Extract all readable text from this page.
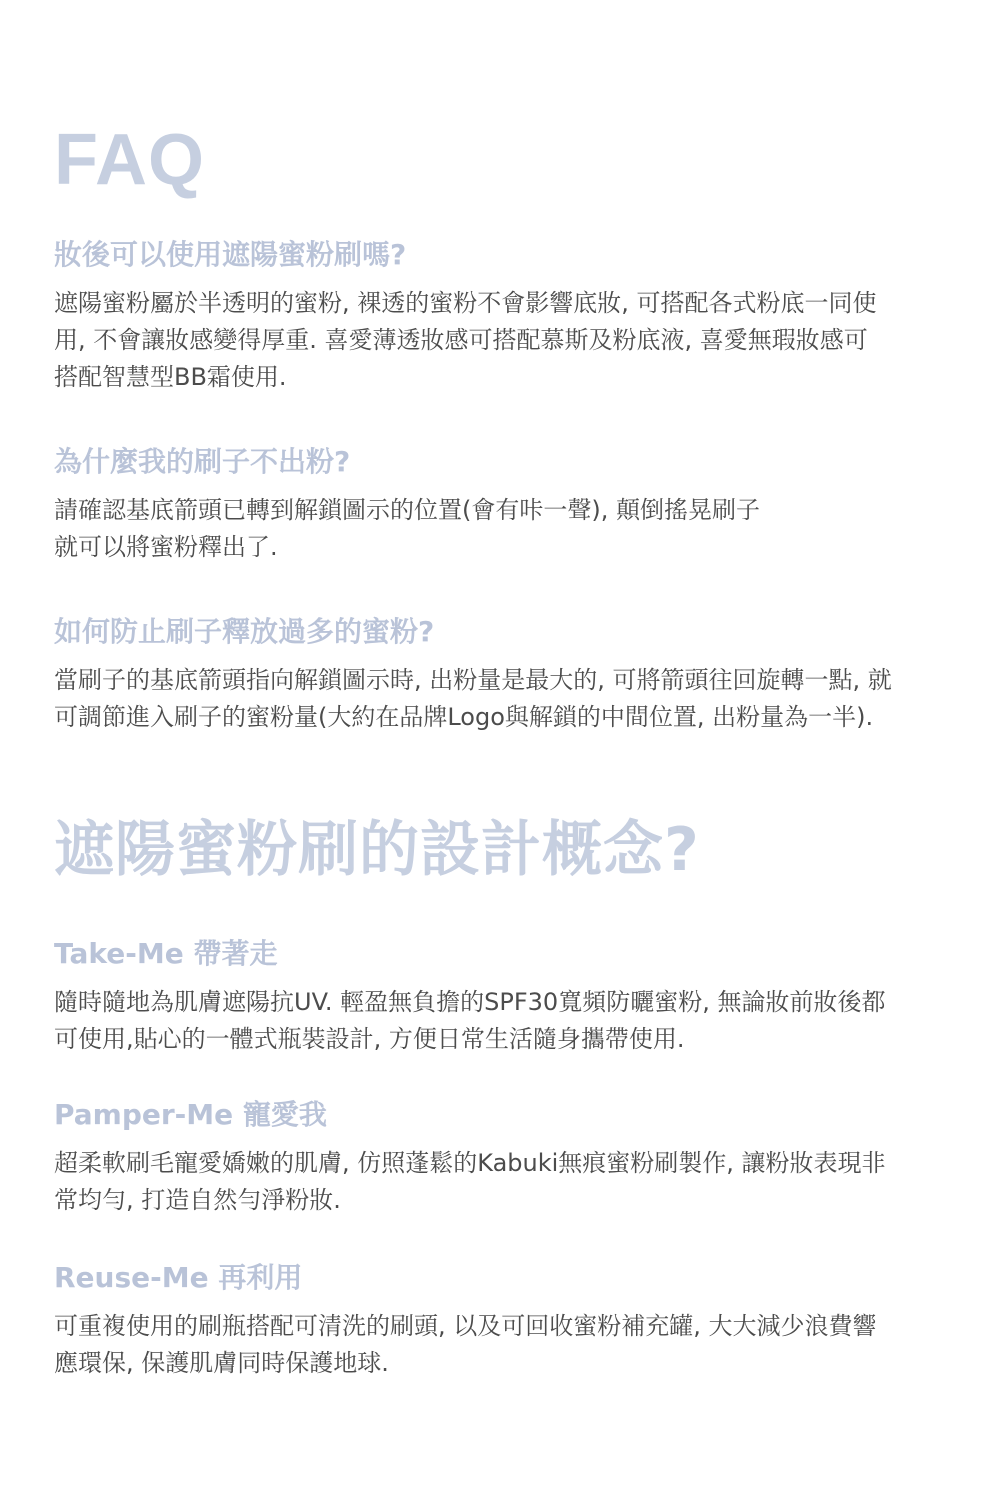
FAQ
妝後可以使用遮陽蜜粉刷嗎?

遮陽蜜粉屬於半透明的蜜粉, 裸透的蜜粉不會影響底妝, 可搭配各式粉底一同使
用, 不會讓妝感變得厚重. 喜愛薄透妝感可搭配慕斯及粉底液, 喜愛無瑕妝感可
搭配智慧型BB霜使用.

為什麼我的刷子不出粉?

請確認基底箭頭已轉到解鎖圖示的位置(會有咔一聲), 顛倒搖晃刷子
就可以將蜜粉釋出了.

如何防止刷子釋放過多的蜜粉?

當刷子的基底箭頭指向解鎖圖示時, 出粉量是最大的, 可將箭頭往回旋轉一點, 就
可調節進入刷子的蜜粉量(大約在品牌Logo與解鎖的中間位置, 出粉量為一半).

遮陽蜜粉刷的設計概念?
Take-Me 帶著走

隨時隨地為肌膚遮陽抗UV. 輕盈無負擔的SPF30寬頻防曬蜜粉, 無論妝前妝後都
可使用,貼心的一體式瓶裝設計, 方便日常生活隨身攜帶使用.

Pamper-Me 寵愛我

超柔軟刷毛寵愛嬌嫩的肌膚, 仿照蓬鬆的Kabuki無痕蜜粉刷製作, 讓粉妝表現非
常均勻, 打造自然勻淨粉妝.

Reuse-Me 再利用

可重複使用的刷瓶搭配可清洗的刷頭, 以及可回收蜜粉補充罐, 大大減少浪費響
應環保, 保護肌膚同時保護地球.
